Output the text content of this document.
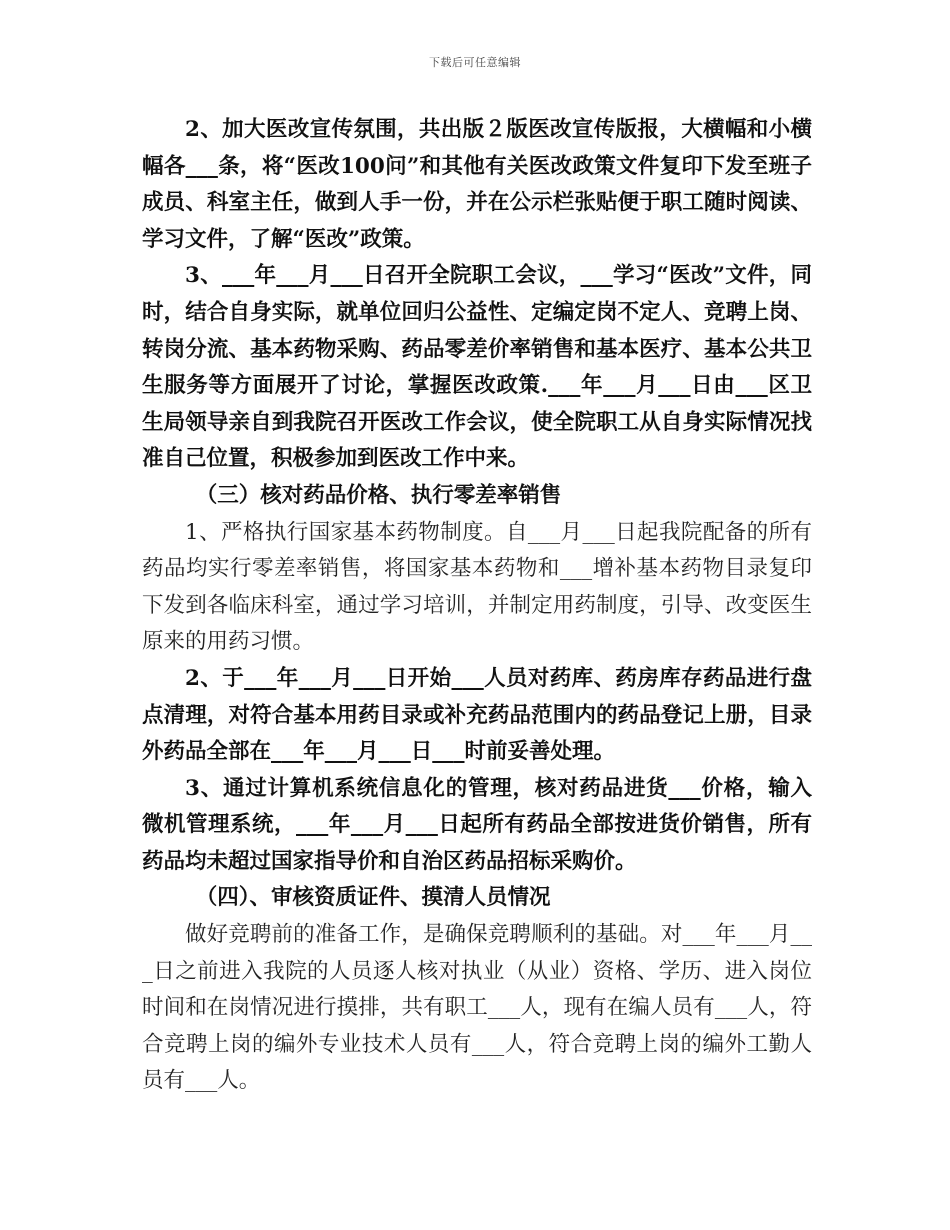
下载后可任意编辑

2、加大医改宣传氛围，共出版２版医改宣传版报，大横幅和小横幅各___条，将“医改100问”和其他有关医改政策文件复印下发至班子成员、科室主任，做到人手一份，并在公示栏张贴便于职工随时阅读、学习文件，了解“医改”政策。

3、___年___月___日召开全院职工会议，___学习“医改”文件，同时，结合自身实际，就单位回归公益性、定编定岗不定人、竞聘上岗、转岗分流、基本药物采购、药品零差价率销售和基本医疗、基本公共卫生服务等方面展开了讨论，掌握医改政策.___年___月___日由___区卫生局领导亲自到我院召开医改工作会议，使全院职工从自身实际情况找准自己位置，积极参加到医改工作中来。

（三）核对药品价格、执行零差率销售

1、严格执行国家基本药物制度。自___月___日起我院配备的所有药品均实行零差率销售，将国家基本药物和___增补基本药物目录复印下发到各临床科室，通过学习培训，并制定用药制度，引导、改变医生原来的用药习惯。

2、于___年___月___日开始___人员对药库、药房库存药品进行盘点清理，对符合基本用药目录或补充药品范围内的药品登记上册，目录外药品全部在___年___月___日___时前妥善处理。

3、通过计算机系统信息化的管理，核对药品进货___价格，输入微机管理系统，___年___月___日起所有药品全部按进货价销售，所有药品均未超过国家指导价和自治区药品招标采购价。

（四）、审核资质证件、摸清人员情况

做好竞聘前的准备工作，是确保竞聘顺利的基础。对___年___月___日之前进入我院的人员逐人核对执业（从业）资格、学历、进入岗位时间和在岗情况进行摸排，共有职工___人，现有在编人员有___人，符合竞聘上岗的编外专业技术人员有___人，符合竞聘上岗的编外工勤人员有___人。
